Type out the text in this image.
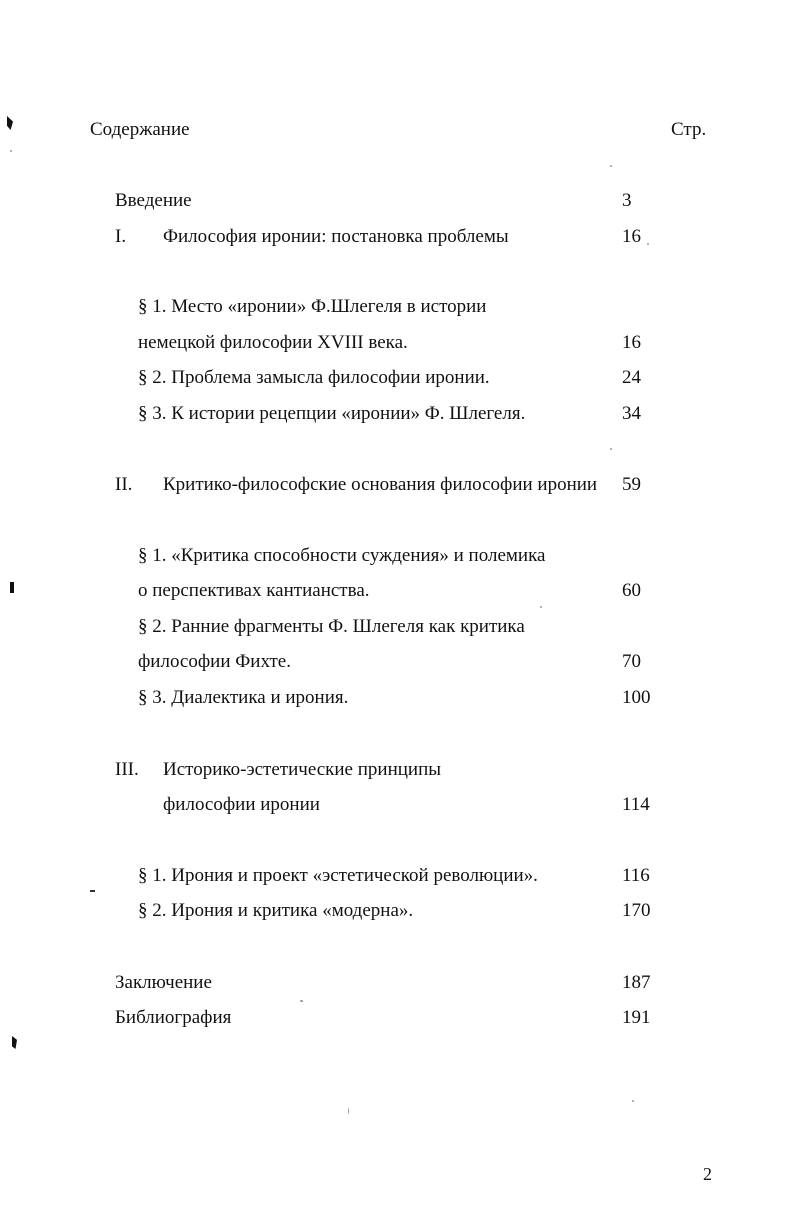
Содержание	Стр.
Введение	3
I. Философия иронии: постановка проблемы	16
§ 1. Место «иронии» Ф.Шлегеля в истории
немецкой философии XVIII века.	16
§ 2. Проблема замысла философии иронии.	24
§ 3. К истории рецепции «иронии» Ф. Шлегеля.	34
II. Критико-философские основания философии иронии 59
§ 1. «Критика способности суждения» и полемика
о перспективах кантианства.	60
§ 2. Ранние фрагменты Ф. Шлегеля как критика
философии Фихте.	70
§ 3. Диалектика и ирония.	100
III. Историко-эстетические принципы
философии иронии	114
§ 1. Ирония и проект «эстетической революции».	116
§ 2. Ирония и критика «модерна».	170
Заключение	187
Библиография	191
2
